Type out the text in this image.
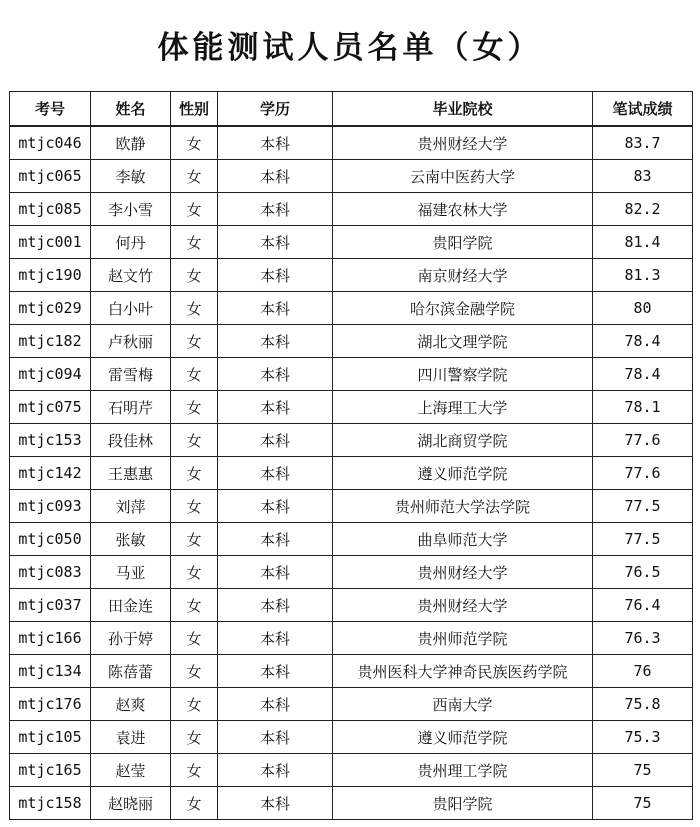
体能测试人员名单（女）
考号	姓名	性别	学历	毕业院校	笔试成绩
mtjc046	欧静	女	本科	贵州财经大学	83.7
mtjc065	李敏	女	本科	云南中医药大学	83
mtjc085	李小雪	女	本科	福建农林大学	82.2
mtjc001	何丹	女	本科	贵阳学院	81.4
mtjc190	赵文竹	女	本科	南京财经大学	81.3
mtjc029	白小叶	女	本科	哈尔滨金融学院	80
mtjc182	卢秋丽	女	本科	湖北文理学院	78.4
mtjc094	雷雪梅	女	本科	四川警察学院	78.4
mtjc075	石明芹	女	本科	上海理工大学	78.1
mtjc153	段佳林	女	本科	湖北商贸学院	77.6
mtjc142	王惠惠	女	本科	遵义师范学院	77.6
mtjc093	刘萍	女	本科	贵州师范大学法学院	77.5
mtjc050	张敏	女	本科	曲阜师范大学	77.5
mtjc083	马亚	女	本科	贵州财经大学	76.5
mtjc037	田金连	女	本科	贵州财经大学	76.4
mtjc166	孙于婷	女	本科	贵州师范学院	76.3
mtjc134	陈蓓蕾	女	本科	贵州医科大学神奇民族医药学院	76
mtjc176	赵爽	女	本科	西南大学	75.8
mtjc105	袁进	女	本科	遵义师范学院	75.3
mtjc165	赵莹	女	本科	贵州理工学院	75
mtjc158	赵晓丽	女	本科	贵阳学院	75
